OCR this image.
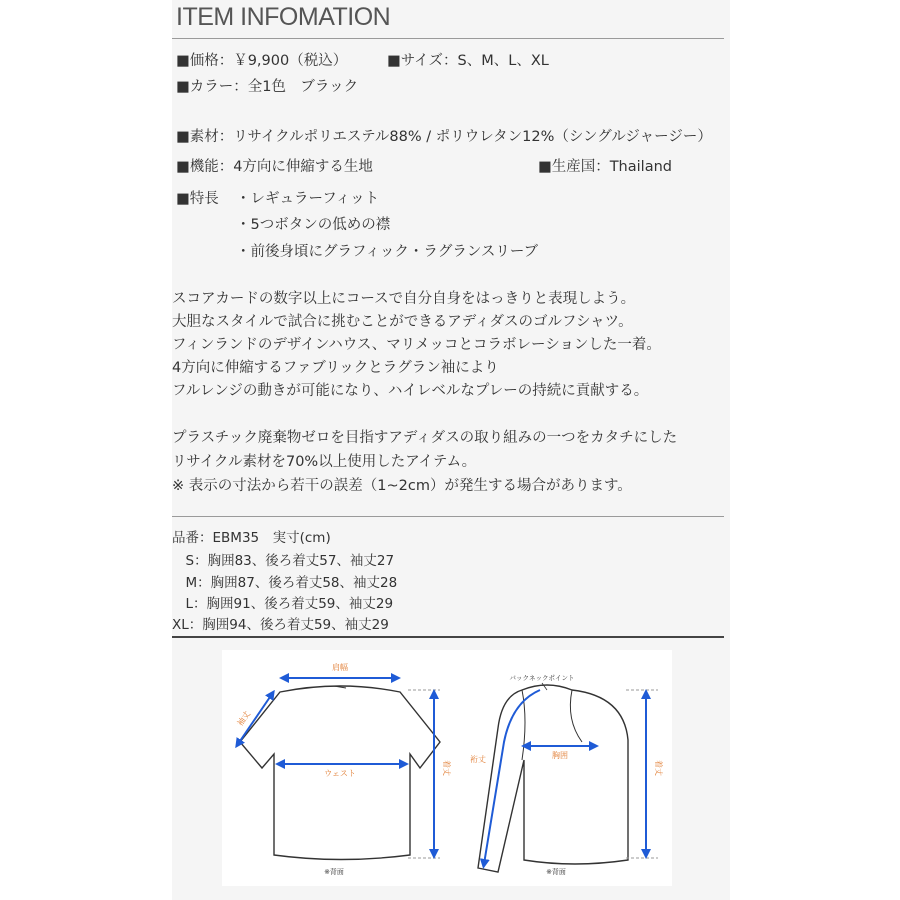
ITEM INFOMATION
■価格：￥9,900（税込）	■サイズ：S、M、L、XL
■カラー：全1色　ブラック
■素材：リサイクルポリエステル88% / ポリウレタン12%（シングルジャージー）
■機能：4方向に伸縮する生地	■生産国：Thailand
■特長 ・レギュラーフィット
・5つボタンの低めの襟
・前後身頃にグラフィック・ラグランスリーブ
スコアカードの数字以上にコースで自分自身をはっきりと表現しよう。
大胆なスタイルで試合に挑むことができるアディダスのゴルフシャツ。
フィンランドのデザインハウス、マリメッコとコラボレーションした一着。
4方向に伸縮するファブリックとラグラン袖により
フルレンジの動きが可能になり、ハイレベルなプレーの持続に貢献する。
プラスチック廃棄物ゼロを目指すアディダスの取り組みの一つをカタチにした
リサイクル素材を70%以上使用したアイテム。
※ 表示の寸法から若干の誤差（1~2cm）が発生する場合があります。
品番：EBM35　実寸(cm)
　S：胸囲83、後ろ着丈57、袖丈27
　M：胸囲87、後ろ着丈58、袖丈28
　L：胸囲91、後ろ着丈59、袖丈29
XL：胸囲94、後ろ着丈59、袖丈29
肩幅
袖丈
ウェスト	着丈
※背面
バックネックポイント
裄丈	胸囲
着丈
※背面
